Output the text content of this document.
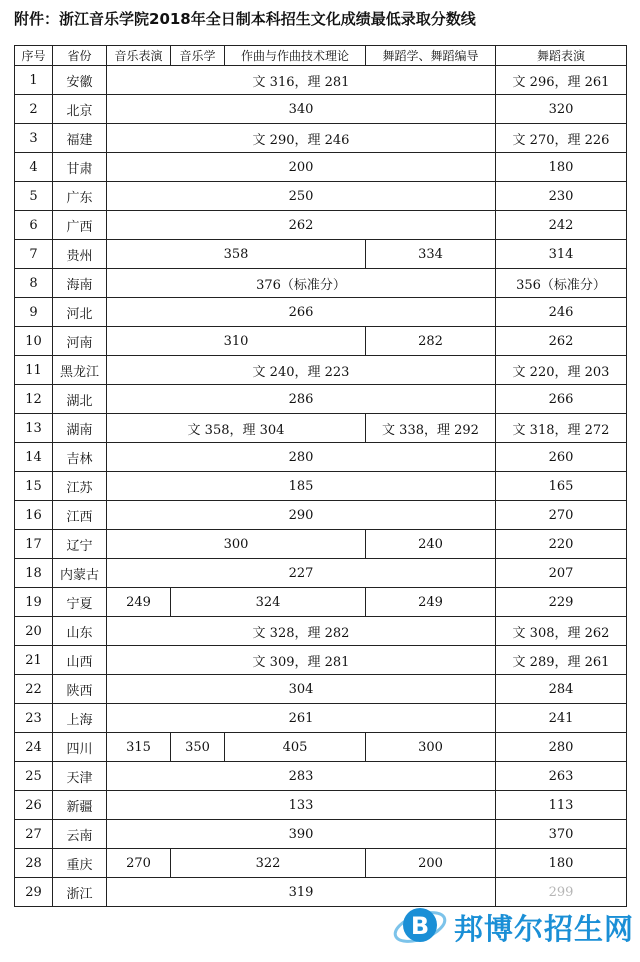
附件：浙江音乐学院2018年全日制本科招生文化成绩最低录取分数线
序号	省份	音乐表演	音乐学	作曲与作曲技术理论	舞蹈学、舞蹈编导	舞蹈表演
1	安徽	文 316，理 281				文 296，理 261
2	北京	340				320
3	福建	文 290，理 246				文 270，理 226
4	甘肃	200				180
5	广东	250				230
6	广西	262				242
7	贵州	358			334	314
8	海南	376（标准分）				356（标准分）
9	河北	266				246
10	河南	310			282	262
11	黑龙江	文 240，理 223				文 220，理 203
12	湖北	286				266
13	湖南	文 358，理 304			文 338，理 292	文 318，理 272
14	吉林	280				260
15	江苏	185				165
16	江西	290				270
17	辽宁	300			240	220
18	内蒙古	227				207
19	宁夏	249	324		249	229
20	山东	文 328，理 282				文 308，理 262
21	山西	文 309，理 281				文 289，理 261
22	陕西	304				284
23	上海	261				241
24	四川	315	350	405	300	280
25	天津	283				263
26	新疆	133				113
27	云南	390				370
28	重庆	270	322		200	180
29	浙江	319				299
B 邦博尔招生网
